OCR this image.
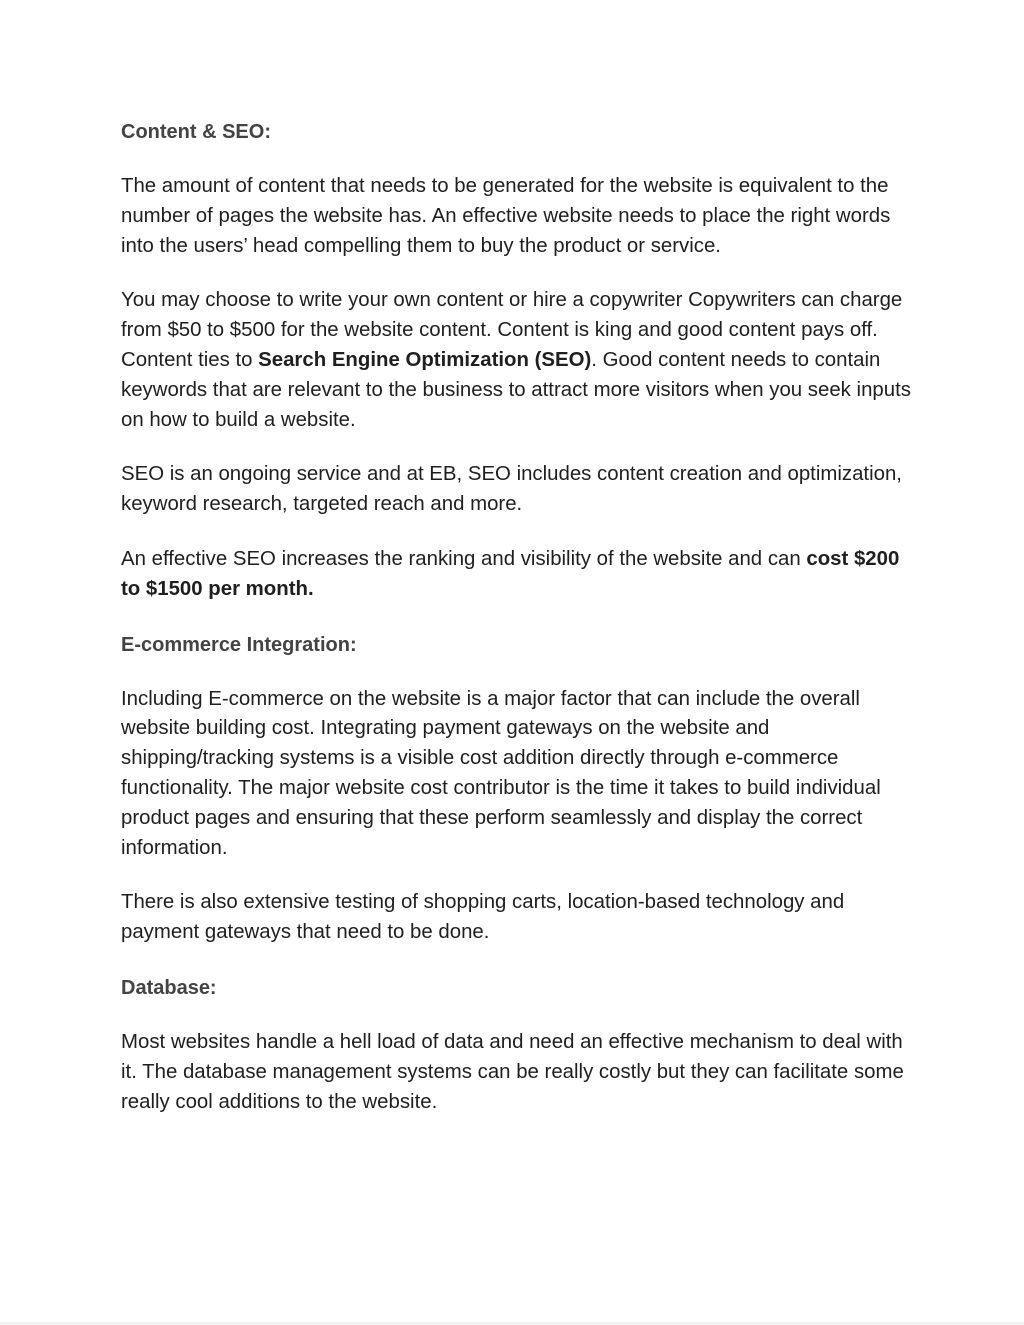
Content & SEO:

The amount of content that needs to be generated for the website is equivalent to the number of pages the website has. An effective website needs to place the right words into the users’ head compelling them to buy the product or service.

You may choose to write your own content or hire a copywriter Copywriters can charge from $50 to $500 for the website content. Content is king and good content pays off. Content ties to Search Engine Optimization (SEO). Good content needs to contain keywords that are relevant to the business to attract more visitors when you seek inputs on how to build a website.

SEO is an ongoing service and at EB, SEO includes content creation and optimization, keyword research, targeted reach and more.

An effective SEO increases the ranking and visibility of the website and can cost $200 to $1500 per month.

E-commerce Integration:

Including E-commerce on the website is a major factor that can include the overall website building cost. Integrating payment gateways on the website and shipping/tracking systems is a visible cost addition directly through e-commerce functionality. The major website cost contributor is the time it takes to build individual product pages and ensuring that these perform seamlessly and display the correct information.

There is also extensive testing of shopping carts, location-based technology and payment gateways that need to be done.

Database:

Most websites handle a hell load of data and need an effective mechanism to deal with it. The database management systems can be really costly but they can facilitate some really cool additions to the website.
